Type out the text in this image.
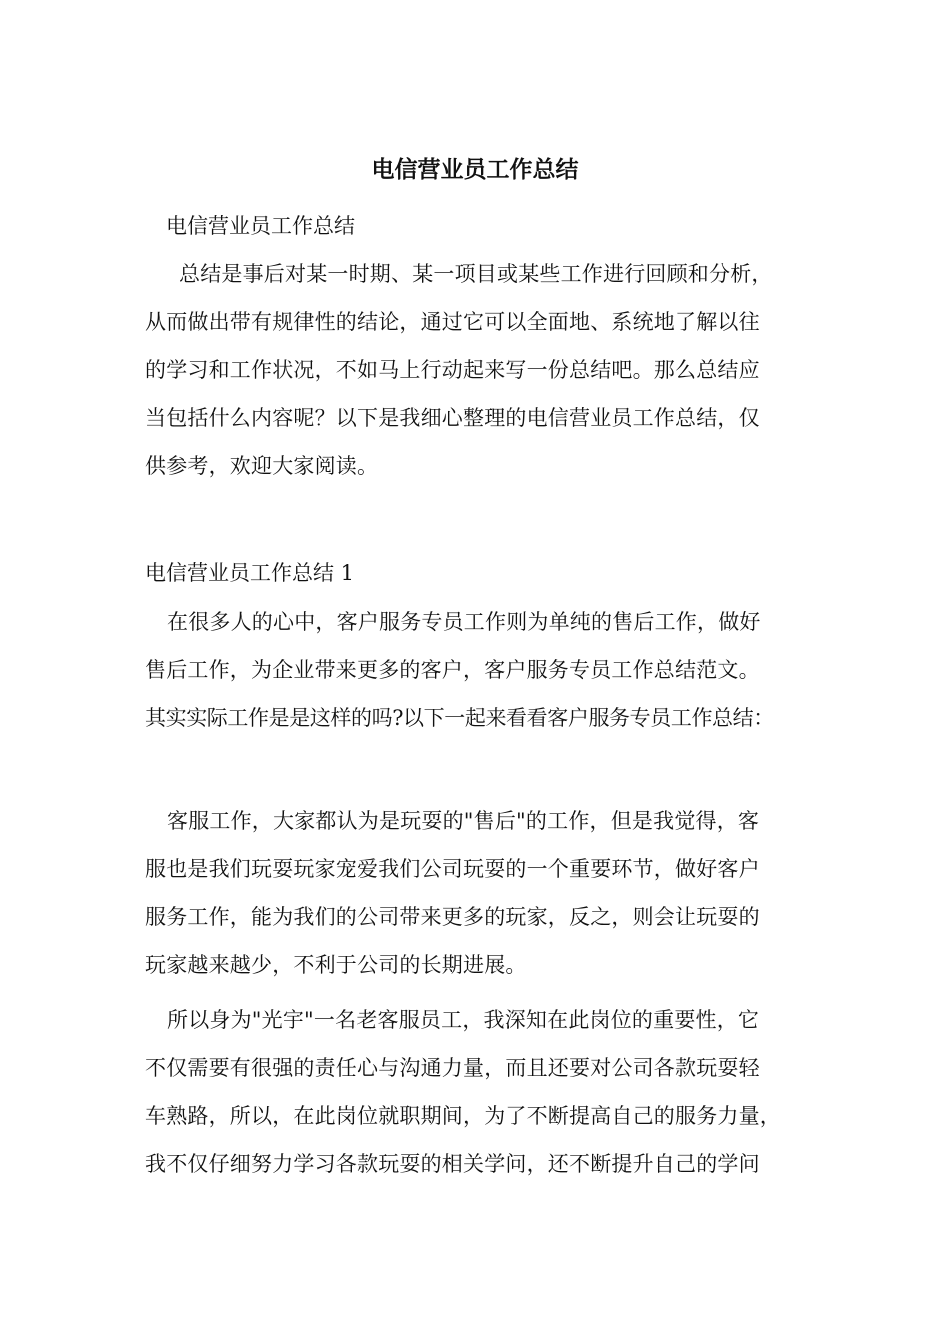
电信营业员工作总结

电信营业员工作总结

总结是事后对某一时期、某一项目或某些工作进行回顾和分析，
从而做出带有规律性的结论，通过它可以全面地、系统地了解以往
的学习和工作状况，不如马上行动起来写一份总结吧。那么总结应
当包括什么内容呢？以下是我细心整理的电信营业员工作总结，仅
供参考，欢迎大家阅读。

电信营业员工作总结 1

在很多人的心中，客户服务专员工作则为单纯的售后工作，做好
售后工作，为企业带来更多的客户，客户服务专员工作总结范文。
其实实际工作是是这样的吗?以下一起来看看客户服务专员工作总结：
客服工作，大家都认为是玩耍的"售后"的工作，但是我觉得，客
服也是我们玩耍玩家宠爱我们公司玩耍的一个重要环节，做好客户
服务工作，能为我们的公司带来更多的玩家，反之，则会让玩耍的
玩家越来越少，不利于公司的长期进展。
所以身为"光宇"一名老客服员工，我深知在此岗位的重要性，它
不仅需要有很强的责任心与沟通力量，而且还要对公司各款玩耍轻
车熟路，所以，在此岗位就职期间，为了不断提高自己的服务力量，
我不仅仔细努力学习各款玩耍的相关学问，还不断提升自己的学问
